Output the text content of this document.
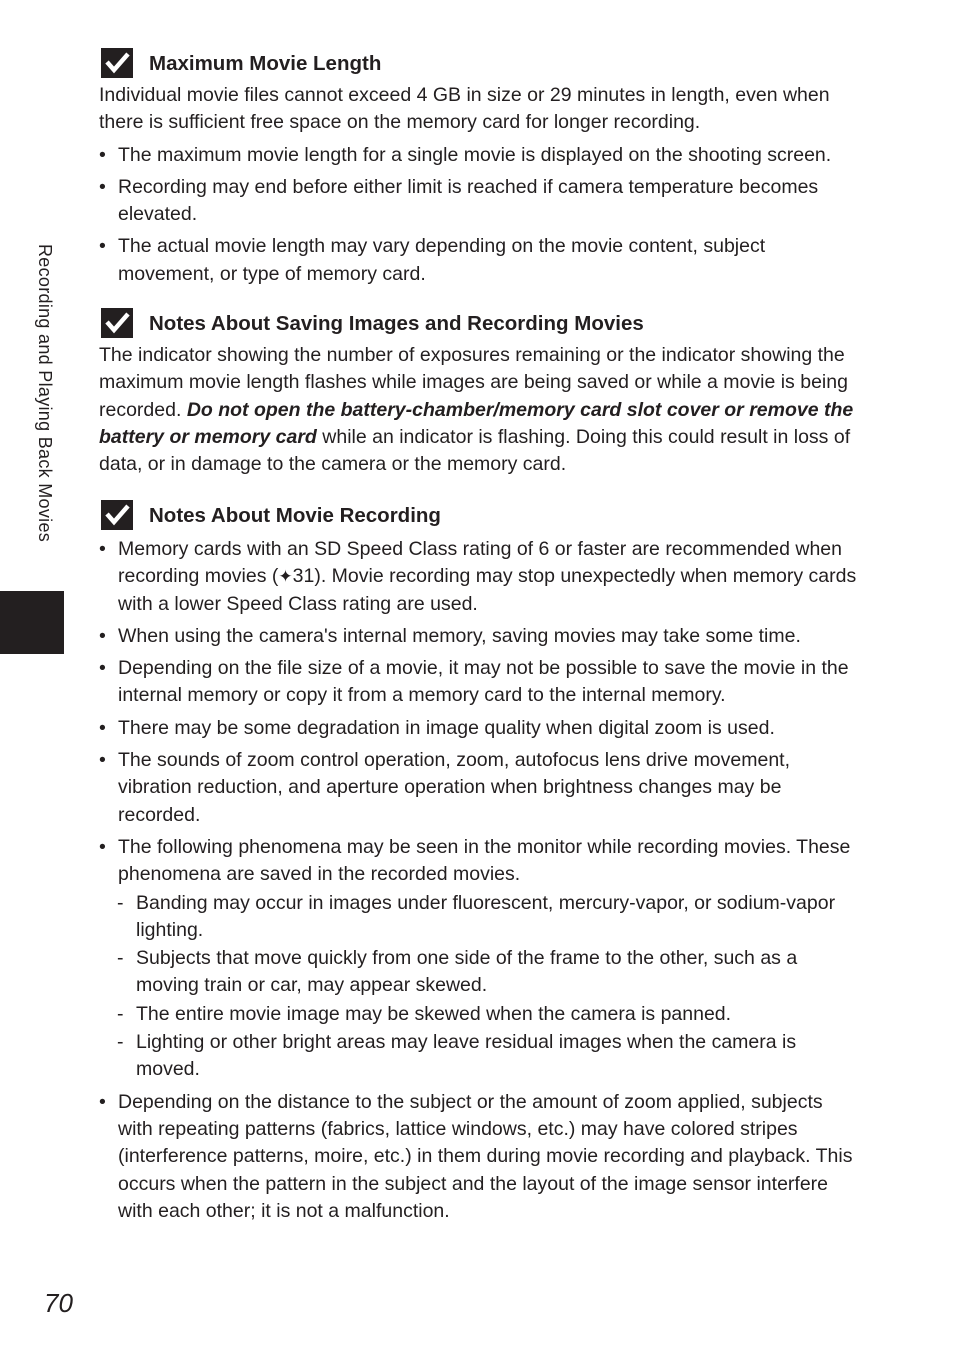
Recording and Playing Back Movies
Maximum Movie Length

Individual movie files cannot exceed 4 GB in size or 29 minutes in length, even when there is sufficient free space on the memory card for longer recording.

• The maximum movie length for a single movie is displayed on the shooting screen.
• Recording may end before either limit is reached if camera temperature becomes elevated.
• The actual movie length may vary depending on the movie content, subject movement, or type of memory card.
Notes About Saving Images and Recording Movies

The indicator showing the number of exposures remaining or the indicator showing the maximum movie length flashes while images are being saved or while a movie is being recorded. Do not open the battery-chamber/memory card slot cover or remove the battery or memory card while an indicator is flashing. Doing this could result in loss of data, or in damage to the camera or the memory card.

Notes About Movie Recording
• Memory cards with an SD Speed Class rating of 6 or faster are recommended when recording movies (✦31). Movie recording may stop unexpectedly when memory cards with a lower Speed Class rating are used.
• When using the camera's internal memory, saving movies may take some time.
• Depending on the file size of a movie, it may not be possible to save the movie in the internal memory or copy it from a memory card to the internal memory.
• There may be some degradation in image quality when digital zoom is used.
• The sounds of zoom control operation, zoom, autofocus lens drive movement, vibration reduction, and aperture operation when brightness changes may be recorded.
• The following phenomena may be seen in the monitor while recording movies. These phenomena are saved in the recorded movies.
- Banding may occur in images under fluorescent, mercury-vapor, or sodium-vapor lighting.
- Subjects that move quickly from one side of the frame to the other, such as a moving train or car, may appear skewed.
- The entire movie image may be skewed when the camera is panned.
- Lighting or other bright areas may leave residual images when the camera is moved.
• Depending on the distance to the subject or the amount of zoom applied, subjects with repeating patterns (fabrics, lattice windows, etc.) may have colored stripes (interference patterns, moire, etc.) in them during movie recording and playback. This occurs when the pattern in the subject and the layout of the image sensor interfere with each other; it is not a malfunction.
70
